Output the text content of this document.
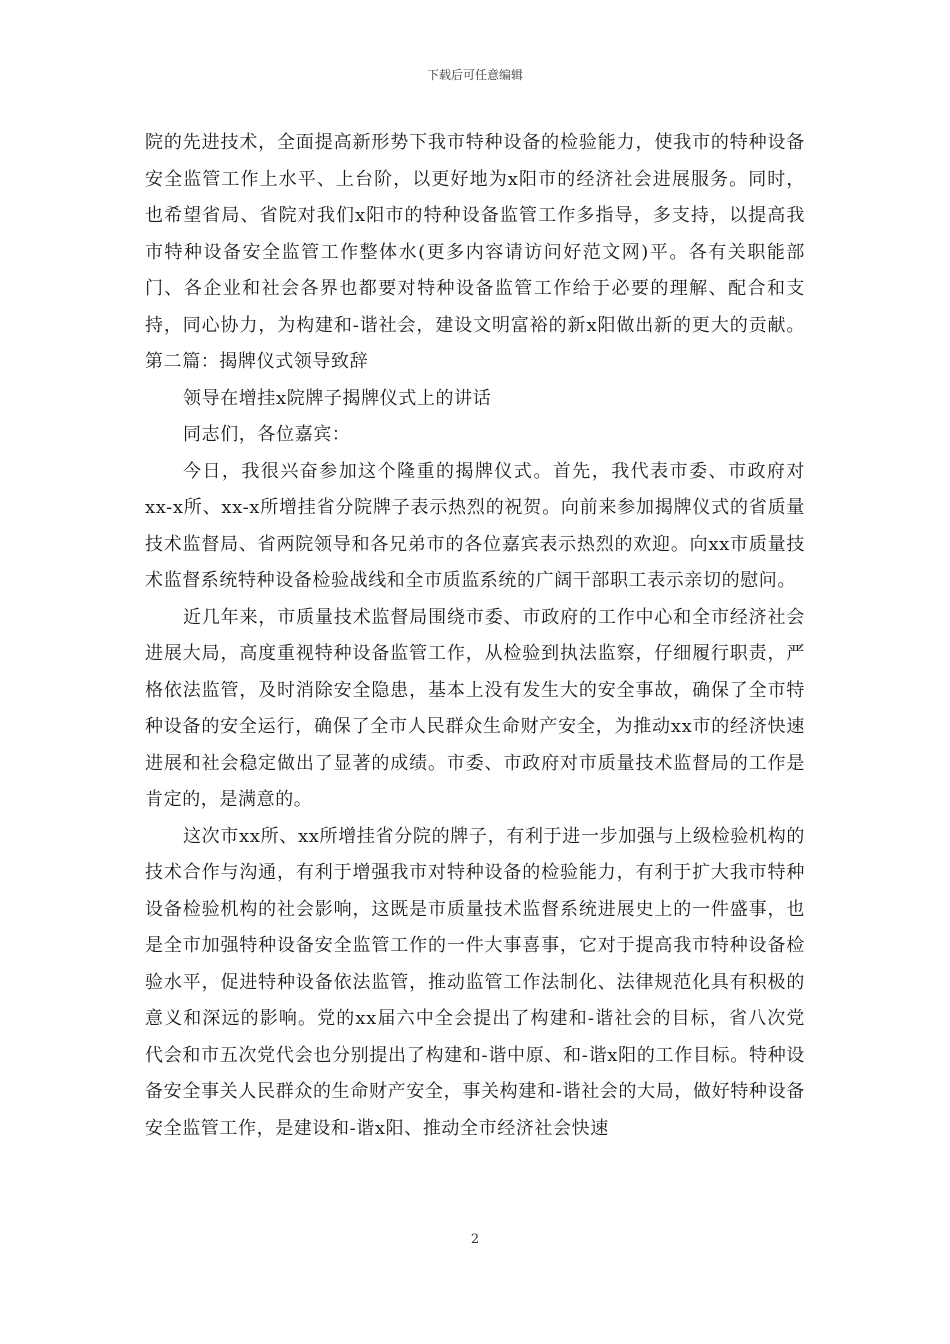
下载后可任意编辑

院的先进技术，全面提高新形势下我市特种设备的检验能力，使我市的特种设备安全监管工作上水平、上台阶，以更好地为x阳市的经济社会进展服务。同时，也希望省局、省院对我们x阳市的特种设备监管工作多指导，多支持，以提高我市特种设备安全监管工作整体水(更多内容请访问好范文网)平。各有关职能部门、各企业和社会各界也都要对特种设备监管工作给于必要的理解、配合和支持，同心协力，为构建和-谐社会，建设文明富裕的新x阳做出新的更大的贡献。第二篇：揭牌仪式领导致辞

领导在增挂x院牌子揭牌仪式上的讲话

同志们，各位嘉宾：

今日，我很兴奋参加这个隆重的揭牌仪式。首先，我代表市委、市政府对xx-x所、xx-x所增挂省分院牌子表示热烈的祝贺。向前来参加揭牌仪式的省质量技术监督局、省两院领导和各兄弟市的各位嘉宾表示热烈的欢迎。向xx市质量技术监督系统特种设备检验战线和全市质监系统的广阔干部职工表示亲切的慰问。

近几年来，市质量技术监督局围绕市委、市政府的工作中心和全市经济社会进展大局，高度重视特种设备监管工作，从检验到执法监察，仔细履行职责，严格依法监管，及时消除安全隐患，基本上没有发生大的安全事故，确保了全市特种设备的安全运行，确保了全市人民群众生命财产安全，为推动xx市的经济快速进展和社会稳定做出了显著的成绩。市委、市政府对市质量技术监督局的工作是肯定的，是满意的。

这次市xx所、xx所增挂省分院的牌子，有利于进一步加强与上级检验机构的技术合作与沟通，有利于增强我市对特种设备的检验能力，有利于扩大我市特种设备检验机构的社会影响，这既是市质量技术监督系统进展史上的一件盛事，也是全市加强特种设备安全监管工作的一件大事喜事，它对于提高我市特种设备检验水平，促进特种设备依法监管，推动监管工作法制化、法律规范化具有积极的意义和深远的影响。党的xx届六中全会提出了构建和-谐社会的目标，省八次党代会和市五次党代会也分别提出了构建和-谐中原、和-谐x阳的工作目标。特种设备安全事关人民群众的生命财产安全，事关构建和-谐社会的大局，做好特种设备安全监管工作，是建设和-谐x阳、推动全市经济社会快速

2
